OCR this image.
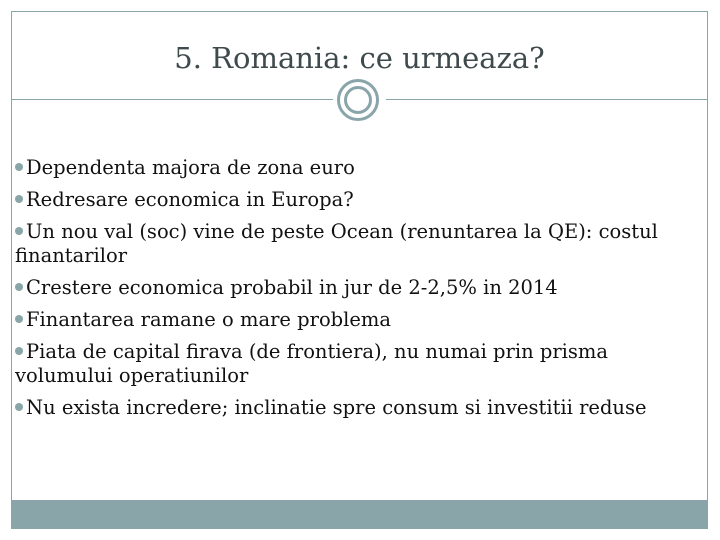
5. Romania: ce urmeaza?
Dependenta majora de zona euro
Redresare economica in Europa?
Un nou val (soc) vine de peste Ocean (renuntarea la QE): costul finantarilor
Crestere economica probabil in jur de 2-2,5% in 2014
Finantarea ramane o mare problema
Piata de capital firava (de frontiera), nu numai prin prisma volumului operatiunilor
Nu exista incredere; inclinatie spre consum si investitii reduse
